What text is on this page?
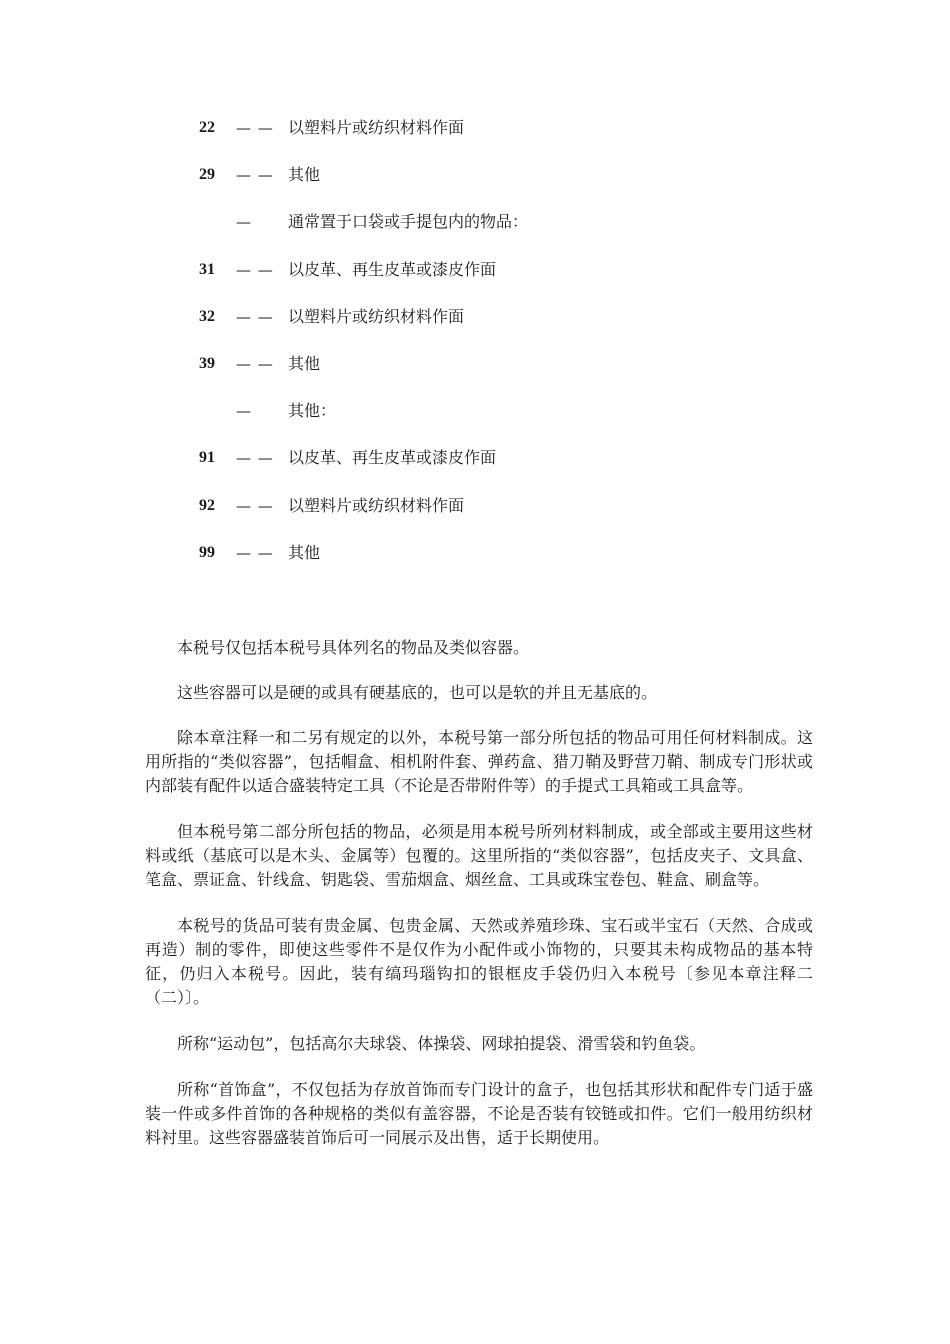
22	— — 以塑料片或纺织材料作面
29	— — 其他
— 通常置于口袋或手提包内的物品：
31	— — 以皮革、再生皮革或漆皮作面
32	— — 以塑料片或纺织材料作面
39	— — 其他
— 其他：
91	— — 以皮革、再生皮革或漆皮作面
92	— — 以塑料片或纺织材料作面
99	— — 其他

本税号仅包括本税号具体列名的物品及类似容器。

这些容器可以是硬的或具有硬基底的，也可以是软的并且无基底的。

除本章注释一和二另有规定的以外，本税号第一部分所包括的物品可用任何材料制成。这用所指的“类似容器”，包括帽盒、相机附件套、弹药盒、猎刀鞘及野营刀鞘、制成专门形状或内部装有配件以适合盛装特定工具（不论是否带附件等）的手提式工具箱或工具盒等。

但本税号第二部分所包括的物品，必须是用本税号所列材料制成，或全部或主要用这些材料或纸（基底可以是木头、金属等）包覆的。这里所指的“类似容器”，包括皮夹子、文具盒、笔盒、票证盒、针线盒、钥匙袋、雪茄烟盒、烟丝盒、工具或珠宝卷包、鞋盒、刷盒等。

本税号的货品可装有贵金属、包贵金属、天然或养殖珍珠、宝石或半宝石（天然、合成或再造）制的零件，即使这些零件不是仅作为小配件或小饰物的，只要其未构成物品的基本特征，仍归入本税号。因此，装有缟玛瑙钩扣的银框皮手袋仍归入本税号〔参见本章注释二（二）〕。

所称“运动包”，包括高尔夫球袋、体操袋、网球拍提袋、滑雪袋和钓鱼袋。

所称“首饰盒”，不仅包括为存放首饰而专门设计的盒子，也包括其形状和配件专门适于盛装一件或多件首饰的各种规格的类似有盖容器，不论是否装有铰链或扣件。它们一般用纺织材料衬里。这些容器盛装首饰后可一同展示及出售，适于长期使用。
